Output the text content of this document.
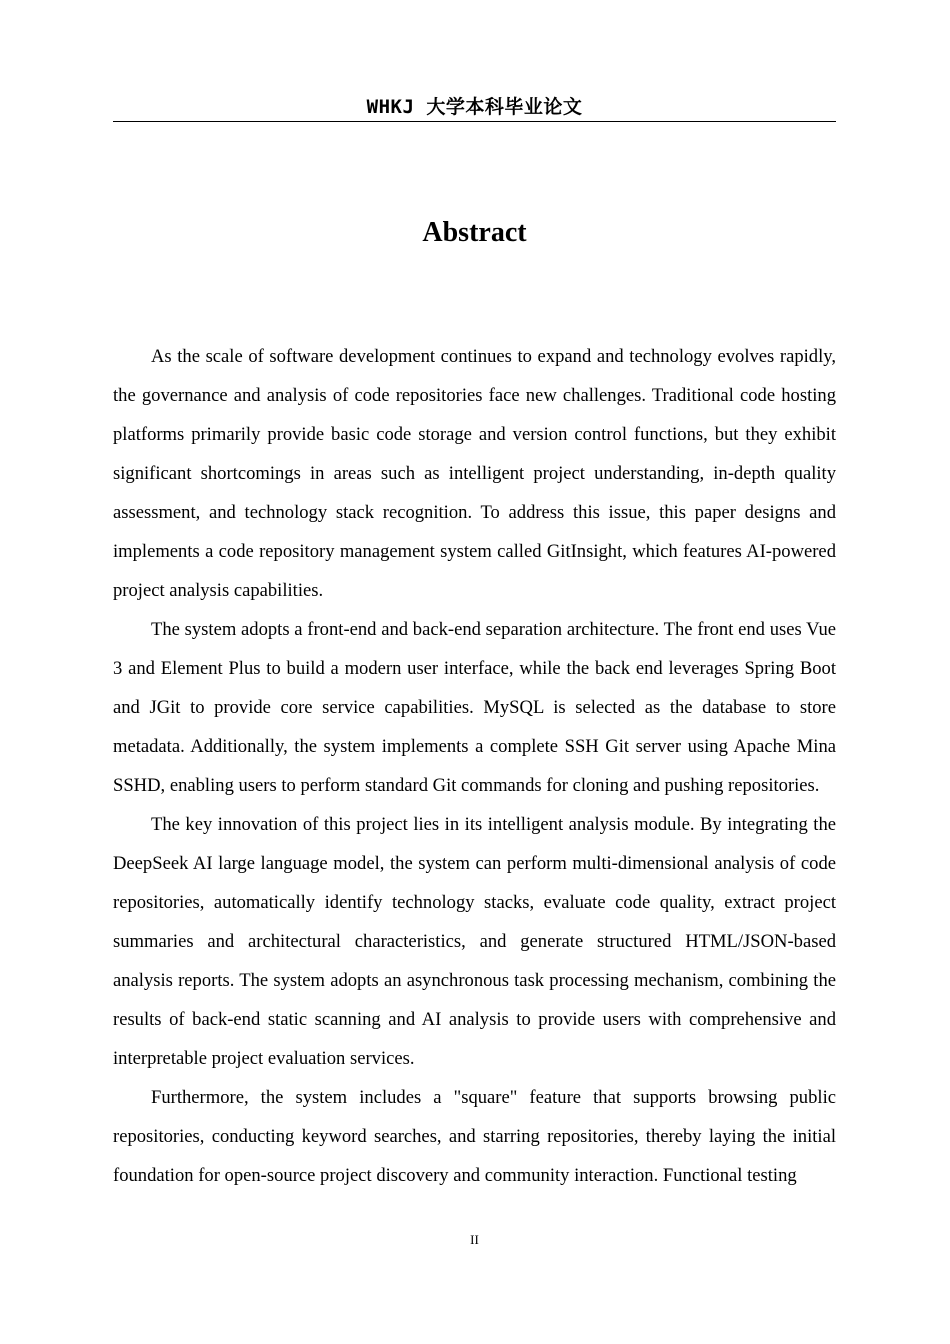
WHKJ 大学本科毕业论文
Abstract

As the scale of software development continues to expand and technology evolves rapidly, the governance and analysis of code repositories face new challenges. Traditional code hosting platforms primarily provide basic code storage and version control functions, but they exhibit significant shortcomings in areas such as intelligent project understanding, in-depth quality assessment, and technology stack recognition. To address this issue, this paper designs and implements a code repository management system called GitInsight, which features AI-powered project analysis capabilities.

The system adopts a front-end and back-end separation architecture. The front end uses Vue 3 and Element Plus to build a modern user interface, while the back end leverages Spring Boot and JGit to provide core service capabilities. MySQL is selected as the database to store metadata. Additionally, the system implements a complete SSH Git server using Apache Mina SSHD, enabling users to perform standard Git commands for cloning and pushing repositories.

The key innovation of this project lies in its intelligent analysis module. By integrating the DeepSeek AI large language model, the system can perform multi-dimensional analysis of code repositories, automatically identify technology stacks, evaluate code quality, extract project summaries and architectural characteristics, and generate structured HTML/JSON-based analysis reports. The system adopts an asynchronous task processing mechanism, combining the results of back-end static scanning and AI analysis to provide users with comprehensive and interpretable project evaluation services.

Furthermore, the system includes a "square" feature that supports browsing public repositories, conducting keyword searches, and starring repositories, thereby laying the initial foundation for open-source project discovery and community interaction. Functional testing

II
